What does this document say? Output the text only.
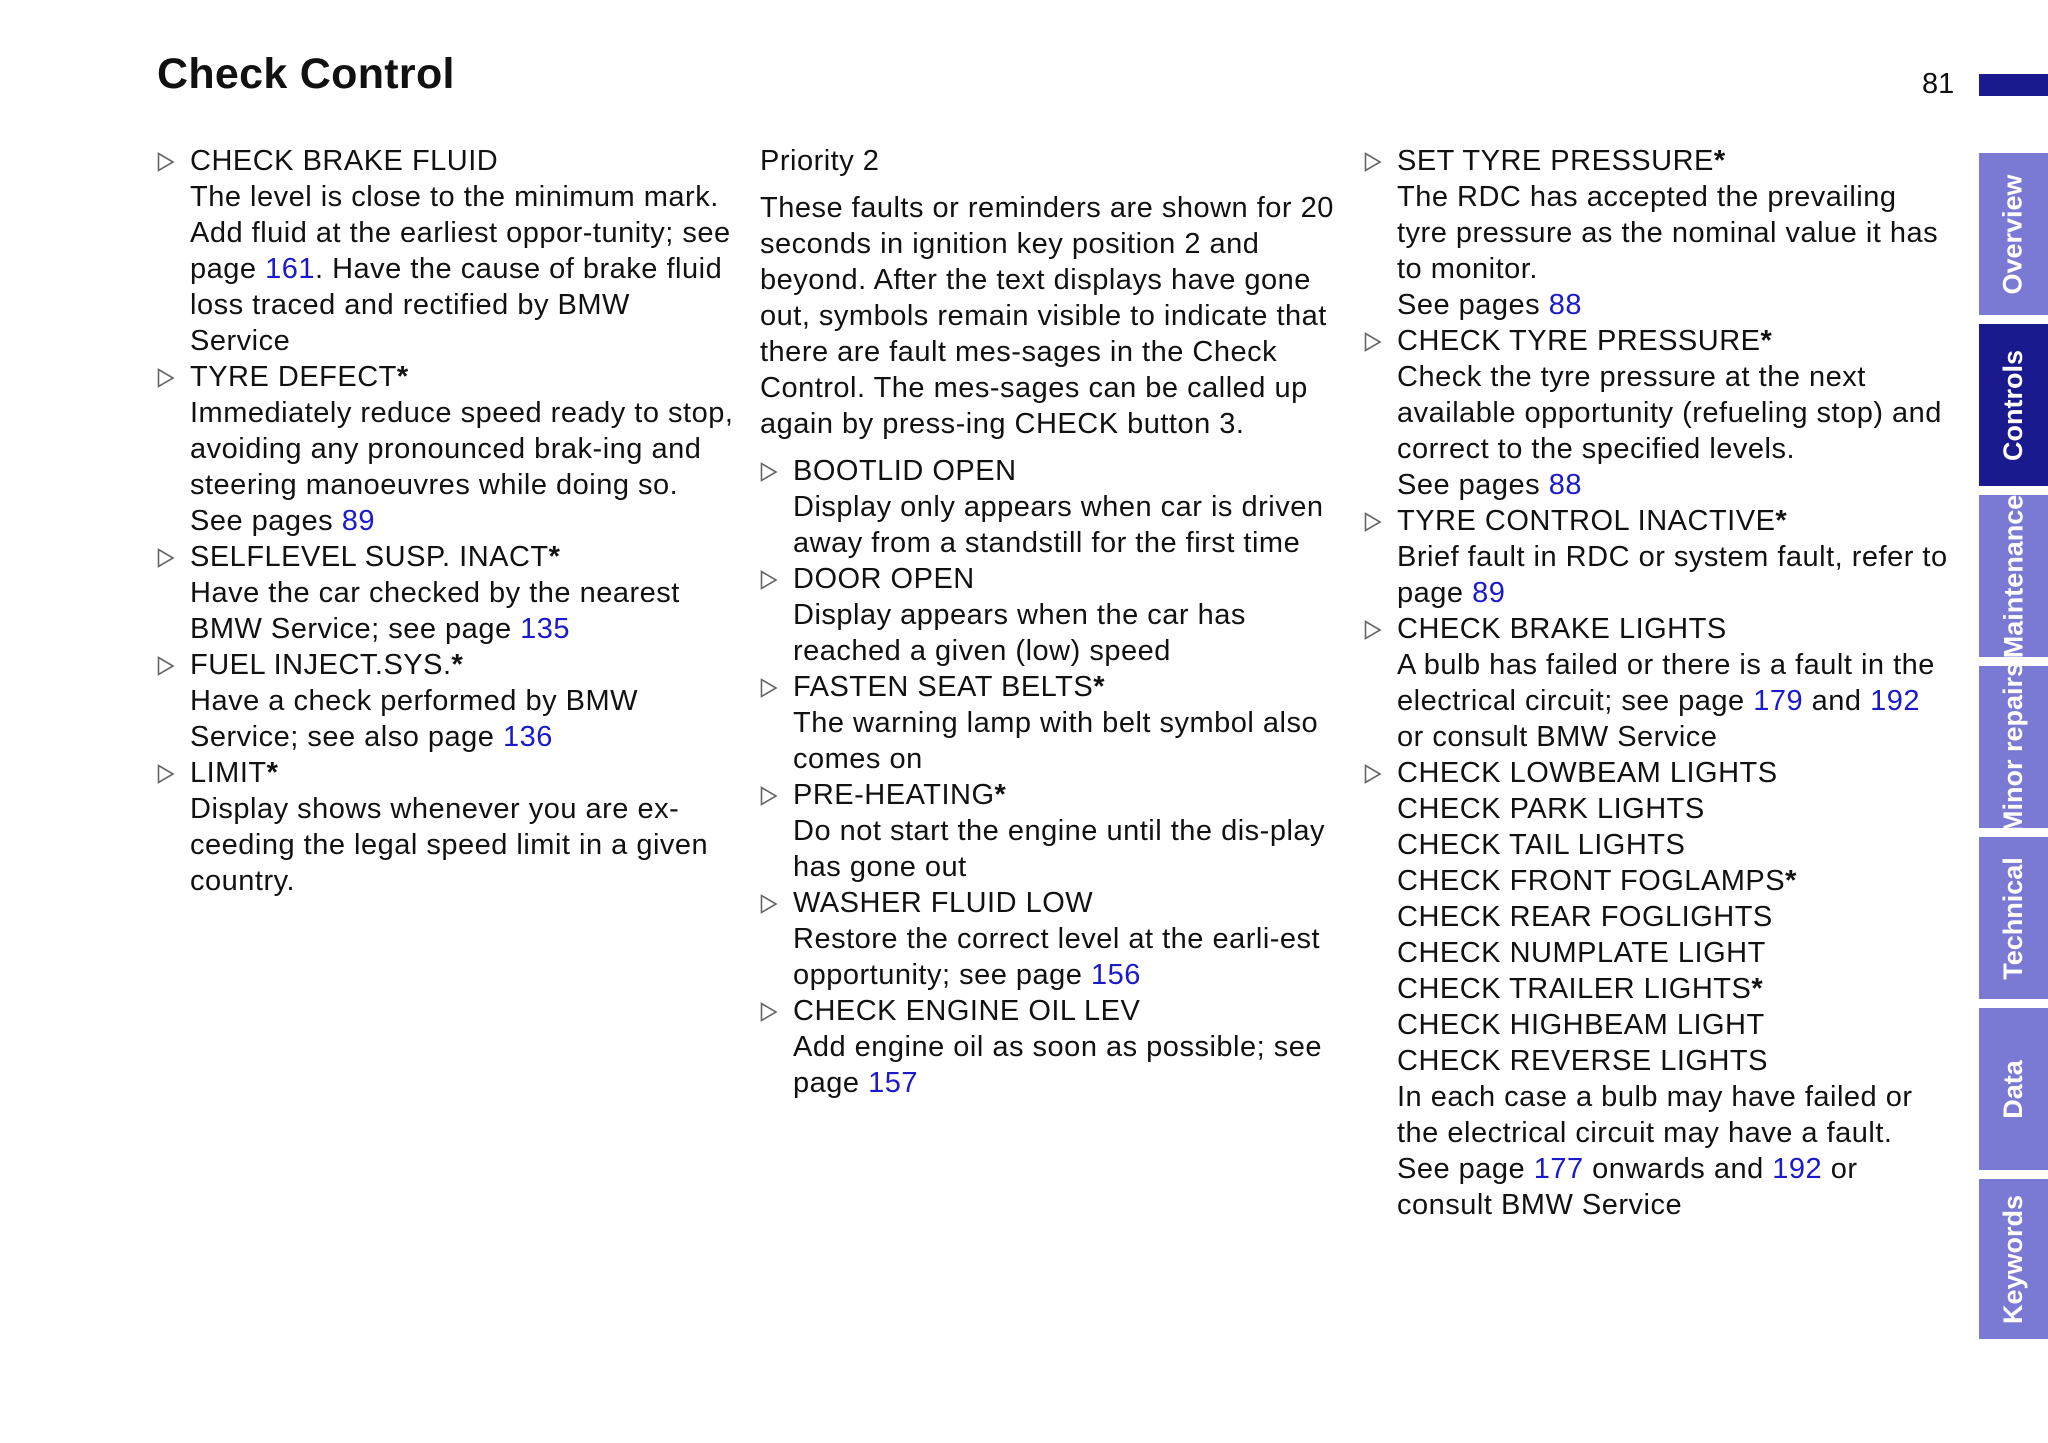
Check Control	81
CHECK BRAKE FLUID
The level is close to the minimum mark. Add fluid at the earliest oppor-tunity; see page 161. Have the cause of brake fluid loss traced and rectified by BMW Service
TYRE DEFECT*
Immediately reduce speed ready to stop, avoiding any pronounced brak-ing and steering manoeuvres while doing so.
See pages 89
SELFLEVEL SUSP. INACT*
Have the car checked by the nearest BMW Service; see page 135
FUEL INJECT.SYS.*
Have a check performed by BMW Service; see also page 136
LIMIT*
Display shows whenever you are ex-ceeding the legal speed limit in a given country.
Priority 2
These faults or reminders are shown for 20 seconds in ignition key position 2 and beyond. After the text displays have gone out, symbols remain visible to indicate that there are fault mes-sages in the Check Control. The mes-sages can be called up again by press-ing CHECK button 3.
BOOTLID OPEN
Display only appears when car is driven away from a standstill for the first time
DOOR OPEN
Display appears when the car has reached a given (low) speed
FASTEN SEAT BELTS*
The warning lamp with belt symbol also comes on
PRE-HEATING*
Do not start the engine until the dis-play has gone out
WASHER FLUID LOW
Restore the correct level at the earli-est opportunity; see page 156
CHECK ENGINE OIL LEV
Add engine oil as soon as possible; see page 157
SET TYRE PRESSURE*
The RDC has accepted the prevailing tyre pressure as the nominal value it has to monitor.
See pages 88
CHECK TYRE PRESSURE*
Check the tyre pressure at the next available opportunity (refueling stop) and correct to the specified levels.
See pages 88
TYRE CONTROL INACTIVE*
Brief fault in RDC or system fault, refer to page 89
CHECK BRAKE LIGHTS
A bulb has failed or there is a fault in the electrical circuit; see page 179 and 192 or consult BMW Service
CHECK LOWBEAM LIGHTS
CHECK PARK LIGHTS
CHECK TAIL LIGHTS
CHECK FRONT FOGLAMPS*
CHECK REAR FOGLIGHTS
CHECK NUMPLATE LIGHT
CHECK TRAILER LIGHTS*
CHECK HIGHBEAM LIGHT
CHECK REVERSE LIGHTS
In each case a bulb may have failed or the electrical circuit may have a fault. See page 177 onwards and 192 or consult BMW Service
Overview
Controls
Maintenance
Minor repairs
Technical
Data
Keywords
